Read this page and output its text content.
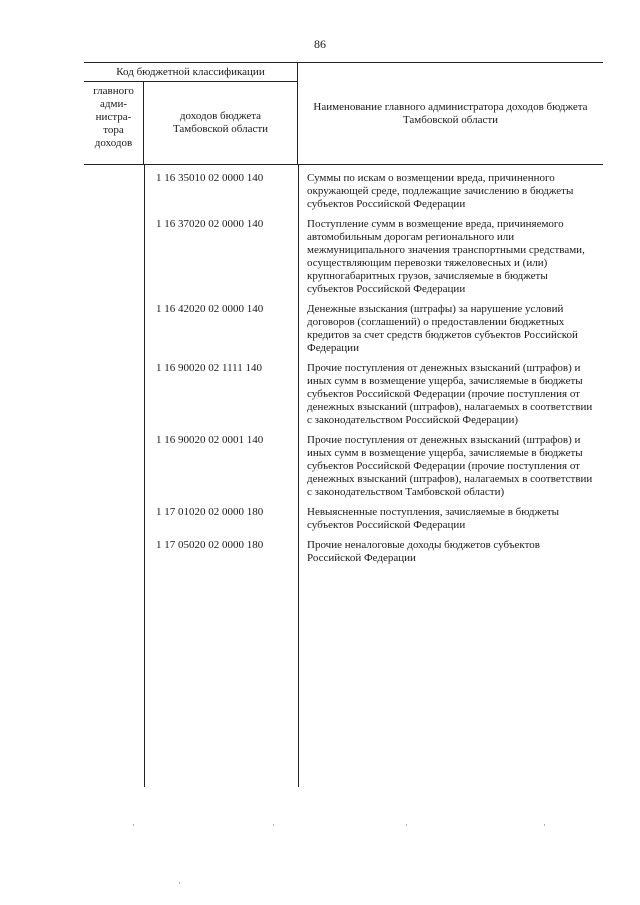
86
Код бюджетной классификации
главного
адми-
нистра-
тора
доходов
доходов бюджета Тамбовской области
Наименование главного администратора доходов бюджета Тамбовской области
1 16 35010 02 0000 140	Суммы по искам о возмещении вреда, причиненного окружающей среде, подлежащие зачислению в бюджеты субъектов Российской Федерации
1 16 37020 02 0000 140	Поступление сумм в возмещение вреда, причиняемого автомобильным дорогам регионального или межмуниципального значения транспортными средствами, осуществляющим перевозки тяжеловесных и (или) крупногабаритных грузов, зачисляемые в бюджеты субъектов Российской Федерации
1 16 42020 02 0000 140	Денежные взыскания (штрафы) за нарушение условий договоров (соглашений) о предоставлении бюджетных кредитов за счет средств бюджетов субъектов Российской Федерации
1 16 90020 02 1111 140	Прочие поступления от денежных взысканий (штрафов) и иных сумм в возмещение ущерба, зачисляемые в бюджеты субъектов Российской Федерации (прочие поступления от денежных взысканий (штрафов), налагаемых в соответствии с законодательством Российской Федерации)
1 16 90020 02 0001 140	Прочие поступления от денежных взысканий (штрафов) и иных сумм в возмещение ущерба, зачисляемые в бюджеты субъектов Российской Федерации (прочие поступления от денежных взысканий (штрафов), налагаемых в соответствии с законодательством Тамбовской области)
1 17 01020 02 0000 180	Невыясненные поступления, зачисляемые в бюджеты субъектов Российской Федерации
1 17 05020 02 0000 180	Прочие неналоговые доходы бюджетов субъектов Российской Федерации
·	·	·	·
·
